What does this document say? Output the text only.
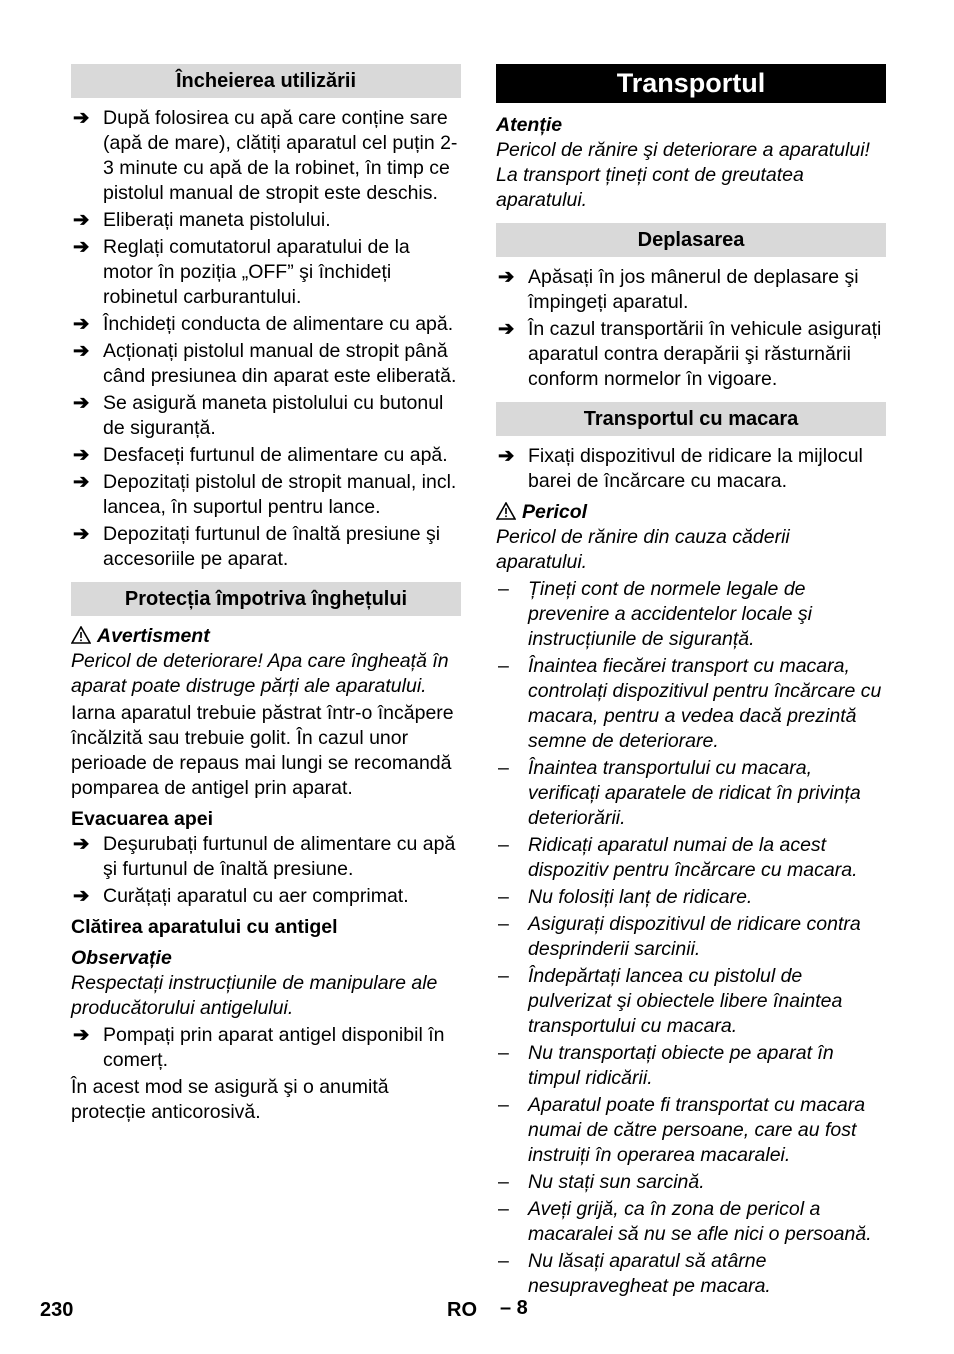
Încheierea utilizării
➔ După folosirea cu apă care conține sare (apă de mare), clătiți aparatul cel puțin 2-3 minute cu apă de la robinet, în timp ce pistolul manual de stropit este deschis.
➔ Eliberați maneta pistolului.
➔ Reglați comutatorul aparatului de la motor în poziția „OFF” şi închideți robinetul carburantului.
➔ Închideți conducta de alimentare cu apă.
➔ Acționați pistolul manual de stropit până când presiunea din aparat este eliberată.
➔ Se asigură maneta pistolului cu butonul de siguranță.
➔ Desfaceți furtunul de alimentare cu apă.
➔ Depozitați pistolul de stropit manual, incl. lancea, în suportul pentru lance.
➔ Depozitați furtunul de înaltă presiune şi accesoriile pe aparat.
Protecția împotriva înghețului
Avertisment
Pericol de deteriorare! Apa care îngheață în aparat poate distruge părți ale aparatului.
Iarna aparatul trebuie păstrat într-o încăpere încălzită sau trebuie golit. În cazul unor perioade de repaus mai lungi se recomandă pomparea de antigel prin aparat.
Evacuarea apei
➔ Deşurubați furtunul de alimentare cu apă şi furtunul de înaltă presiune.
➔ Curățați aparatul cu aer comprimat.
Clătirea aparatului cu antigel
Observație
Respectați instrucțiunile de manipulare ale producătorului antigelului.
➔ Pompați prin aparat antigel disponibil în comerț.
În acest mod se asigură şi o anumită protecție anticorosivă.
Transportul
Atenție
Pericol de rănire şi deteriorare a aparatului! La transport țineți cont de greutatea aparatului.
Deplasarea
➔ Apăsați în jos mânerul de deplasare şi împingeți aparatul.
➔ În cazul transportării în vehicule asigurați aparatul contra derapării şi răsturnării conform normelor în vigoare.
Transportul cu macara
➔ Fixați dispozitivul de ridicare la mijlocul barei de încărcare cu macara.
Pericol
Pericol de rănire din cauza căderii aparatului.
– Țineți cont de normele legale de prevenire a accidentelor locale şi instrucțiunile de siguranță.
– Înaintea fiecărei transport cu macara, controlați dispozitivul pentru încărcare cu macara, pentru a vedea dacă prezintă semne de deteriorare.
– Înaintea transportului cu macara, verificați aparatele de ridicat în privința deteriorării.
– Ridicați aparatul numai de la acest dispozitiv pentru încărcare cu macara.
– Nu folosiți lanț de ridicare.
– Asigurați dispozitivul de ridicare contra desprinderii sarcinii.
– Îndepărtați lancea cu pistolul de pulverizat şi obiectele libere înaintea transportului cu macara.
– Nu transportați obiecte pe aparat în timpul ridicării.
– Aparatul poate fi transportat cu macara numai de către persoane, care au fost instruiți în operarea macaralei.
– Nu stați sun sarcină.
– Aveți grijă, ca în zona de pericol a macaralei să nu se afle nici o persoană.
– Nu lăsați aparatul să atârne nesupravegheat pe macara.
230	RO – 8
